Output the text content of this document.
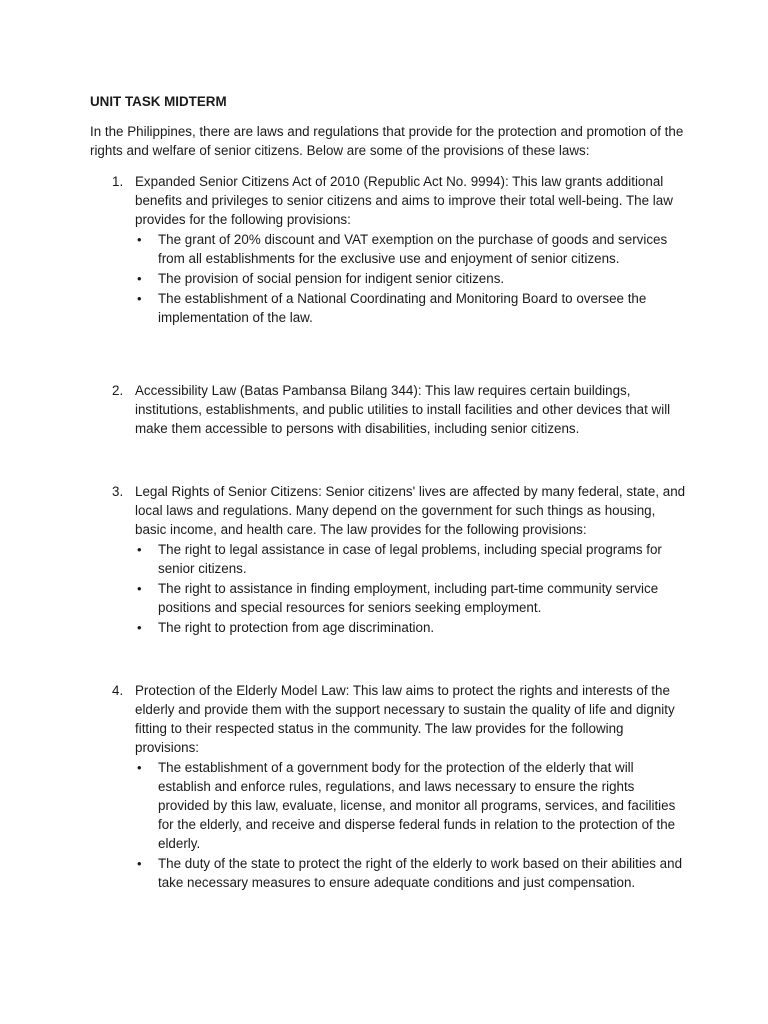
UNIT TASK MIDTERM
In the Philippines, there are laws and regulations that provide for the protection and promotion of the rights and welfare of senior citizens. Below are some of the provisions of these laws:
1. Expanded Senior Citizens Act of 2010 (Republic Act No. 9994): This law grants additional benefits and privileges to senior citizens and aims to improve their total well-being. The law provides for the following provisions:
• The grant of 20% discount and VAT exemption on the purchase of goods and services from all establishments for the exclusive use and enjoyment of senior citizens.
• The provision of social pension for indigent senior citizens.
• The establishment of a National Coordinating and Monitoring Board to oversee the implementation of the law.
2. Accessibility Law (Batas Pambansa Bilang 344): This law requires certain buildings, institutions, establishments, and public utilities to install facilities and other devices that will make them accessible to persons with disabilities, including senior citizens.
3. Legal Rights of Senior Citizens: Senior citizens' lives are affected by many federal, state, and local laws and regulations. Many depend on the government for such things as housing, basic income, and health care. The law provides for the following provisions:
• The right to legal assistance in case of legal problems, including special programs for senior citizens.
• The right to assistance in finding employment, including part-time community service positions and special resources for seniors seeking employment.
• The right to protection from age discrimination.
4. Protection of the Elderly Model Law: This law aims to protect the rights and interests of the elderly and provide them with the support necessary to sustain the quality of life and dignity fitting to their respected status in the community. The law provides for the following provisions:
• The establishment of a government body for the protection of the elderly that will establish and enforce rules, regulations, and laws necessary to ensure the rights provided by this law, evaluate, license, and monitor all programs, services, and facilities for the elderly, and receive and disperse federal funds in relation to the protection of the elderly.
• The duty of the state to protect the right of the elderly to work based on their abilities and take necessary measures to ensure adequate conditions and just compensation.
